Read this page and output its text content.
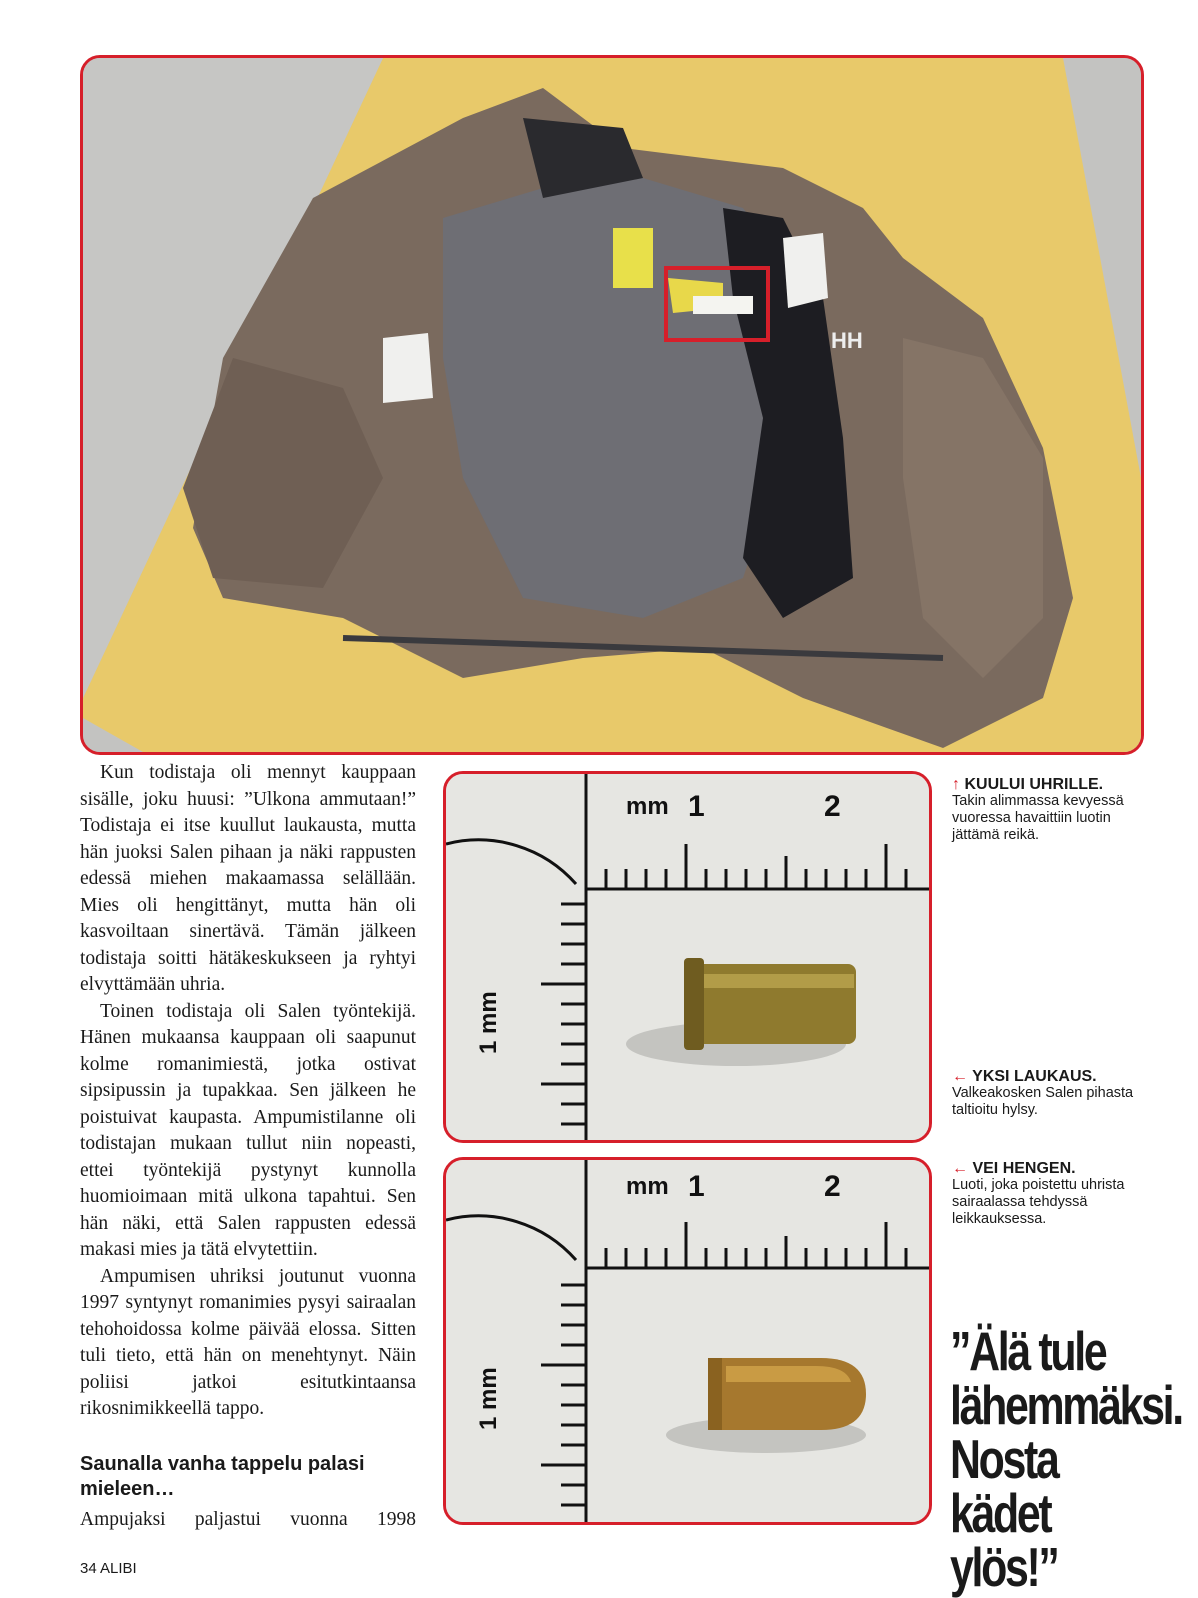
HH
mm 1	2
1 mm
mm 1	2
1 mm

Kun todistaja oli mennyt kauppaan sisälle, joku huusi: ”Ulkona ammutaan!” Todistaja ei itse kuullut laukausta, mutta hän juoksi Salen pihaan ja näki rappusten edessä miehen makaamassa selällään. Mies oli hengittänyt, mutta hän oli kasvoiltaan sinertävä. Tämän jälkeen todistaja soitti hätäkeskukseen ja ryhtyi elvyttämään uhria.

Toinen todistaja oli Salen työntekijä. Hänen mukaansa kauppaan oli saapunut kolme romanimiestä, jotka ostivat sipsipussin ja tupakkaa. Sen jälkeen he poistuivat kaupasta. Ampumistilanne oli todistajan mukaan tullut niin nopeasti, ettei työntekijä pystynyt kunnolla huomioimaan mitä ulkona tapahtui. Sen hän näki, että Salen rappusten edessä makasi mies ja tätä elvytettiin.

Ampumisen uhriksi joutunut vuonna 1997 syntynyt romanimies pysyi sairaalan tehohoidossa kolme päivää elossa. Sitten tuli tieto, että hän on menehtynyt. Näin poliisi jatkoi esitutkintaansa rikosnimikkeellä tappo.

Saunalla vanha tappelu palasi mieleen…
Ampujaksi paljastui vuonna 1998
↑ KUULUI UHRILLE.
Takin alimmassa kevyessä vuoressa havaittiin luotin jättämä reikä.
← YKSI LAUKAUS.
Valkeakosken Salen pihasta taltioitu hylsy.
← VEI HENGEN.
Luoti, joka poistettu uhrista sairaalassa tehdyssä leikkauksessa.
”Älä tule lähemmäksi. Nosta kädet ylös!”
34 ALIBI
